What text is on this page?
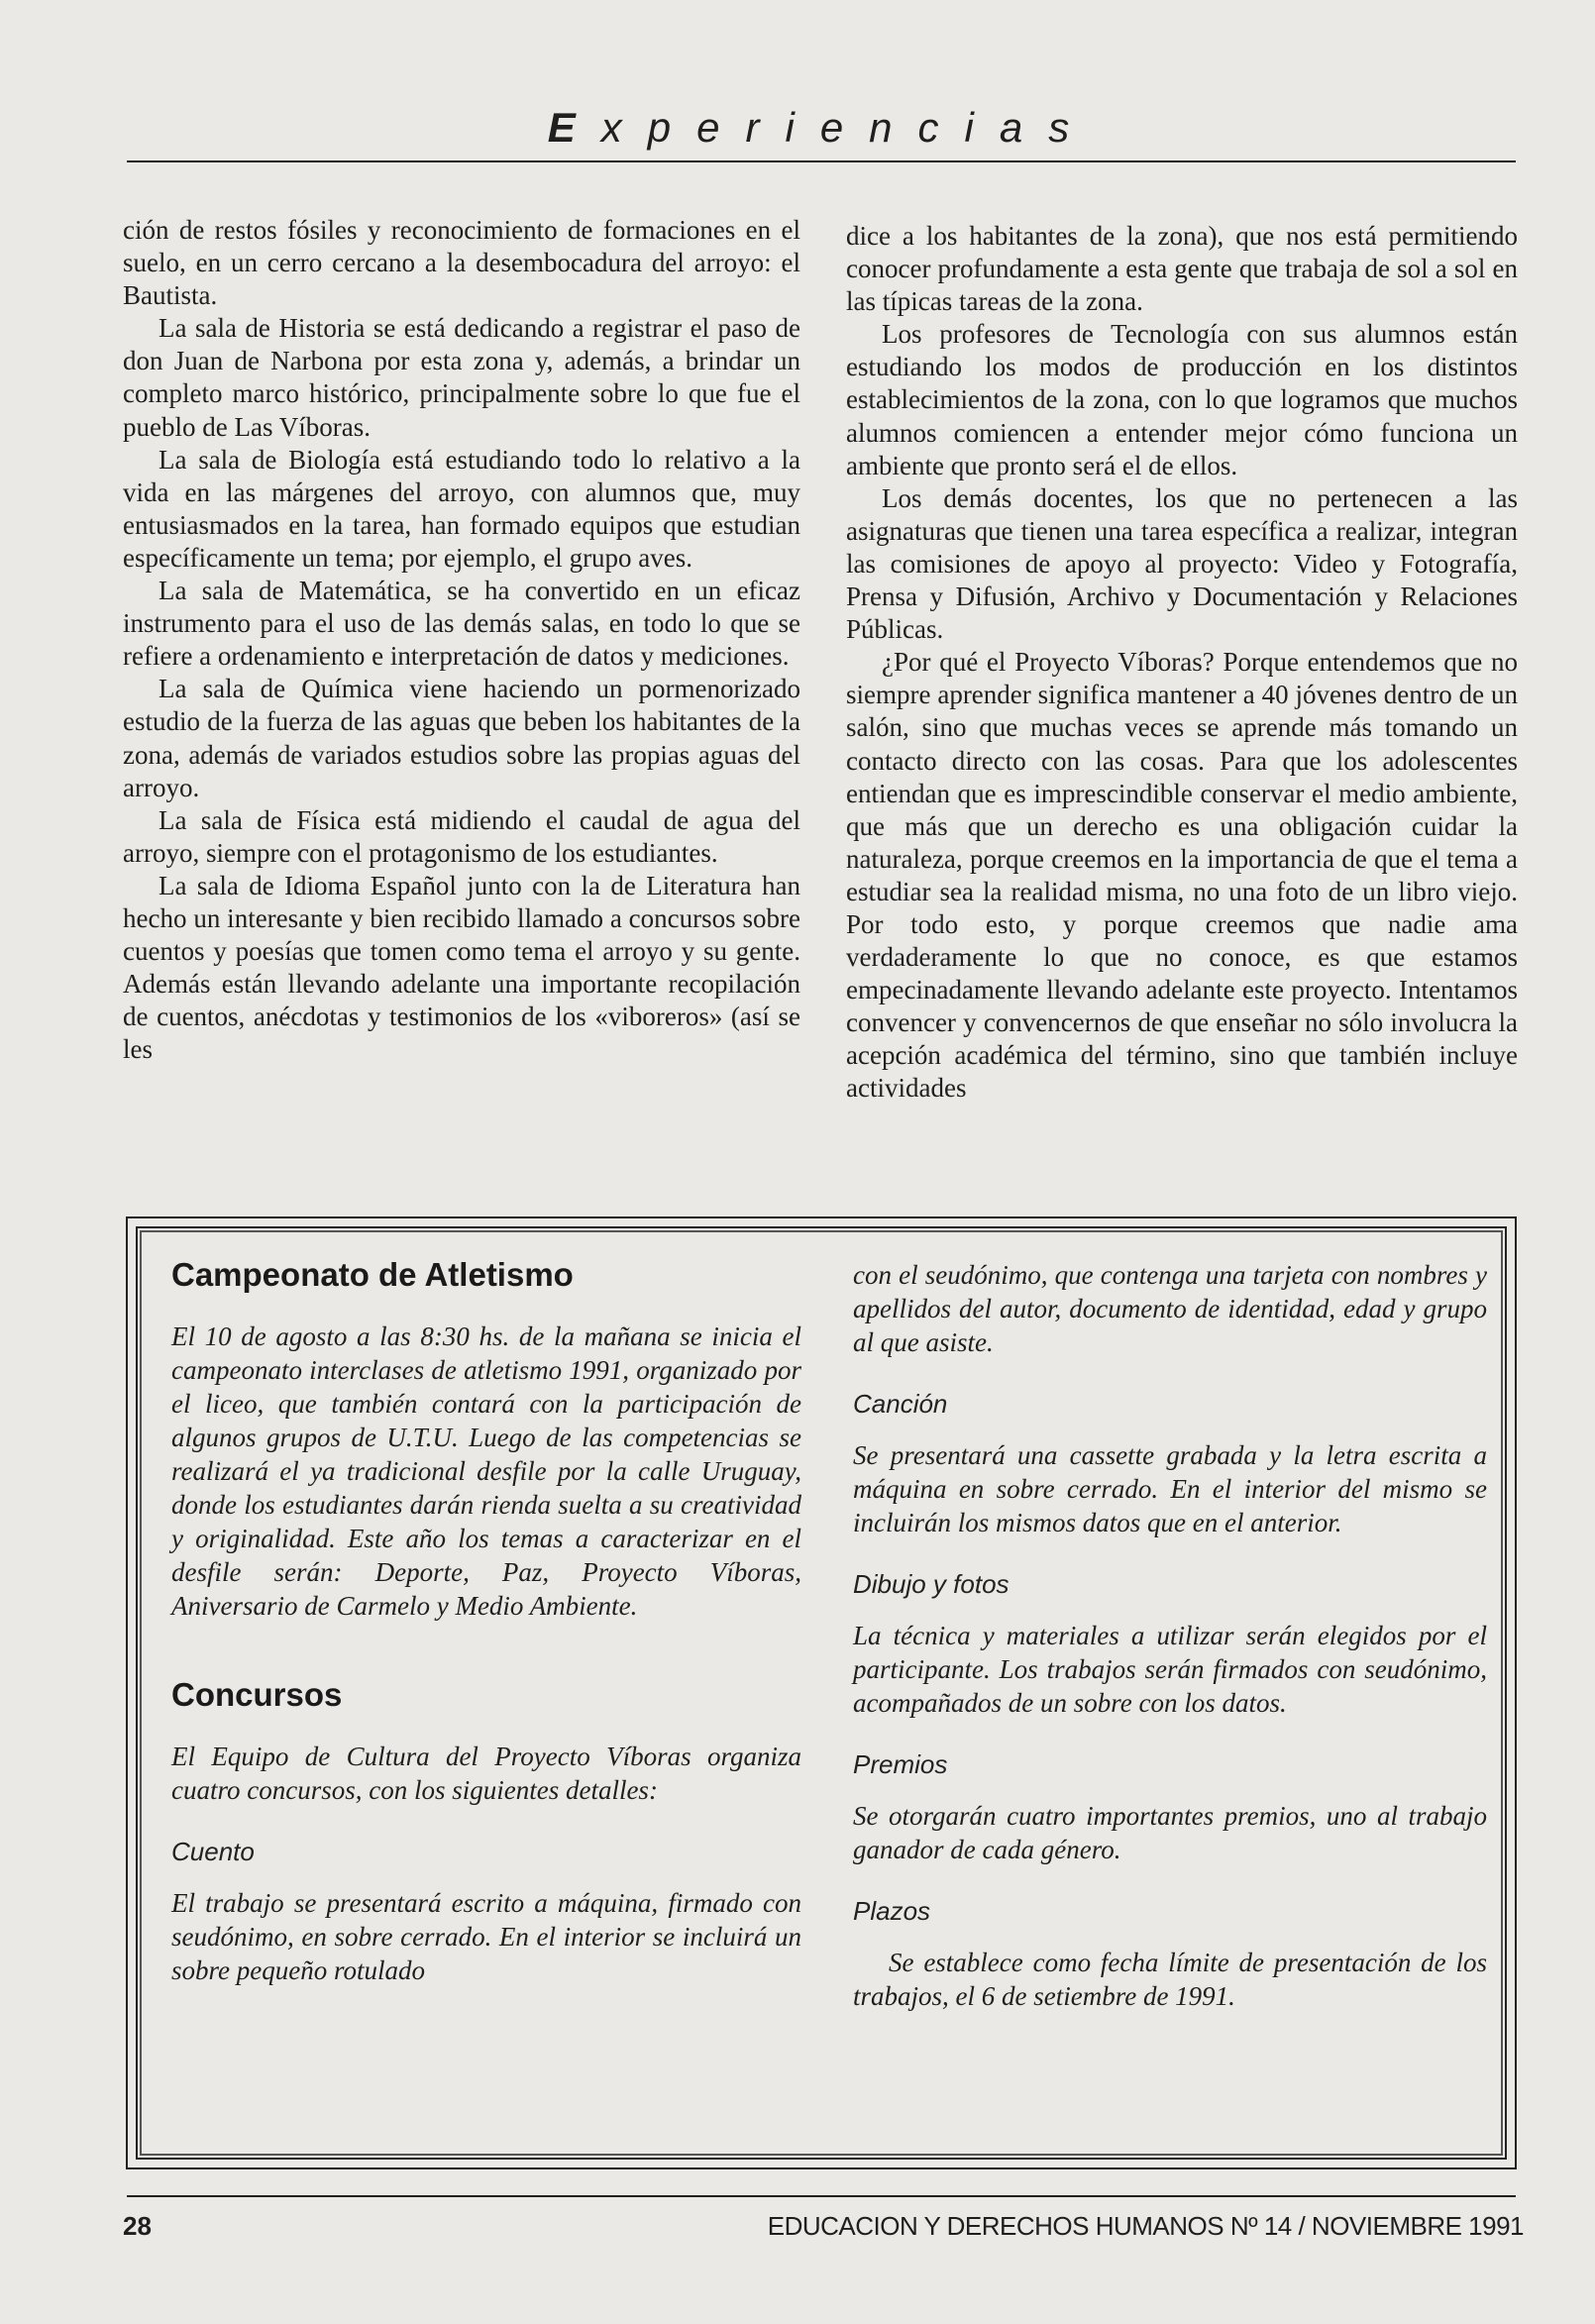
Experiencias

ción de restos fósiles y reconocimiento de formaciones en el suelo, en un cerro cercano a la desembocadura del arroyo: el Bautista.

La sala de Historia se está dedicando a registrar el paso de don Juan de Narbona por esta zona y, además, a brindar un completo marco histórico, principalmente sobre lo que fue el pueblo de Las Víboras.

La sala de Biología está estudiando todo lo relativo a la vida en las márgenes del arroyo, con alumnos que, muy entusiasmados en la tarea, han formado equipos que estudian específicamente un tema; por ejemplo, el grupo aves.

La sala de Matemática, se ha convertido en un eficaz instrumento para el uso de las demás salas, en todo lo que se refiere a ordenamiento e interpretación de datos y mediciones.

La sala de Química viene haciendo un pormenorizado estudio de la fuerza de las aguas que beben los habitantes de la zona, además de variados estudios sobre las propias aguas del arroyo.

La sala de Física está midiendo el caudal de agua del arroyo, siempre con el protagonismo de los estudiantes.

La sala de Idioma Español junto con la de Literatura han hecho un interesante y bien recibido llamado a concursos sobre cuentos y poesías que tomen como tema el arroyo y su gente. Además están llevando adelante una importante recopilación de cuentos, anécdotas y testimonios de los «viboreros» (así se les

dice a los habitantes de la zona), que nos está permitiendo conocer profundamente a esta gente que trabaja de sol a sol en las típicas tareas de la zona.

Los profesores de Tecnología con sus alumnos están estudiando los modos de producción en los distintos establecimientos de la zona, con lo que logramos que muchos alumnos comiencen a entender mejor cómo funciona un ambiente que pronto será el de ellos.

Los demás docentes, los que no pertenecen a las asignaturas que tienen una tarea específica a realizar, integran las comisiones de apoyo al proyecto: Video y Fotografía, Prensa y Difusión, Archivo y Documentación y Relaciones Públicas.

¿Por qué el Proyecto Víboras? Porque entendemos que no siempre aprender significa mantener a 40 jóvenes dentro de un salón, sino que muchas veces se aprende más tomando un contacto directo con las cosas. Para que los adolescentes entiendan que es imprescindible conservar el medio ambiente, que más que un derecho es una obligación cuidar la naturaleza, porque creemos en la importancia de que el tema a estudiar sea la realidad misma, no una foto de un libro viejo. Por todo esto, y porque creemos que nadie ama verdaderamente lo que no conoce, es que estamos empecinadamente llevando adelante este proyecto. Intentamos convencer y convencernos de que enseñar no sólo involucra la acepción académica del término, sino que también incluye actividades

Campeonato de Atletismo

El 10 de agosto a las 8:30 hs. de la mañana se inicia el campeonato interclases de atletismo 1991, organizado por el liceo, que también contará con la participación de algunos grupos de U.T.U. Luego de las competencias se realizará el ya tradicional desfile por la calle Uruguay, donde los estudiantes darán rienda suelta a su creatividad y originalidad. Este año los temas a caracterizar en el desfile serán: Deporte, Paz, Proyecto Víboras, Aniversario de Carmelo y Medio Ambiente.

Concursos

El Equipo de Cultura del Proyecto Víboras organiza cuatro concursos, con los siguientes detalles:

Cuento

El trabajo se presentará escrito a máquina, firmado con seudónimo, en sobre cerrado. En el interior se incluirá un sobre pequeño rotulado

con el seudónimo, que contenga una tarjeta con nombres y apellidos del autor, documento de identidad, edad y grupo al que asiste.

Canción

Se presentará una cassette grabada y la letra escrita a máquina en sobre cerrado. En el interior del mismo se incluirán los mismos datos que en el anterior.

Dibujo y fotos

La técnica y materiales a utilizar serán elegidos por el participante. Los trabajos serán firmados con seudónimo, acompañados de un sobre con los datos.

Premios

Se otorgarán cuatro importantes premios, uno al trabajo ganador de cada género.

Plazos

Se establece como fecha límite de presentación de los trabajos, el 6 de setiembre de 1991.

28	EDUCACION Y DERECHOS HUMANOS Nº 14 / NOVIEMBRE 1991
